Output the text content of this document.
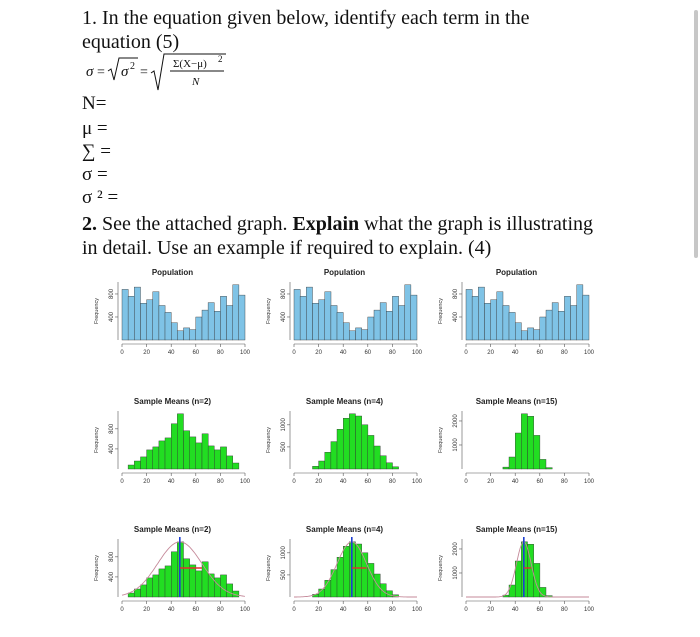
1. In the equation given below, identify each term in the
equation (5)
σ = σ 2 =
Σ(X−μ) 2
N
N=
μ =
∑ =
σ =
σ ² =
2. See the attached graph. Explain what the graph is illustrating
in detail. Use an example if required to explain. (4)
Population
0	20	40	60	80	100
400
800
Frequency
Population
0	20	40	60	80	100
400
800
Frequency
Population
0	20	40	60	80	100
400
800
Frequency
Sample Means (n=2)
0	20	40	60	80	100
400
800
Frequency
Sample Means (n=4)
0	20	40	60	80	100
500
1000
Frequency
Sample Means (n=15)
0	20	40	60	80	100
1000
2000
Frequency
Sample Means (n=2)
0	20	40	60	80	100
400
800
Frequency
Sample Means (n=4)
0	20	40	60	80	100
500
1000
Frequency
Sample Means (n=15)
0	20	40	60	80	100
1000
2000
Frequency
